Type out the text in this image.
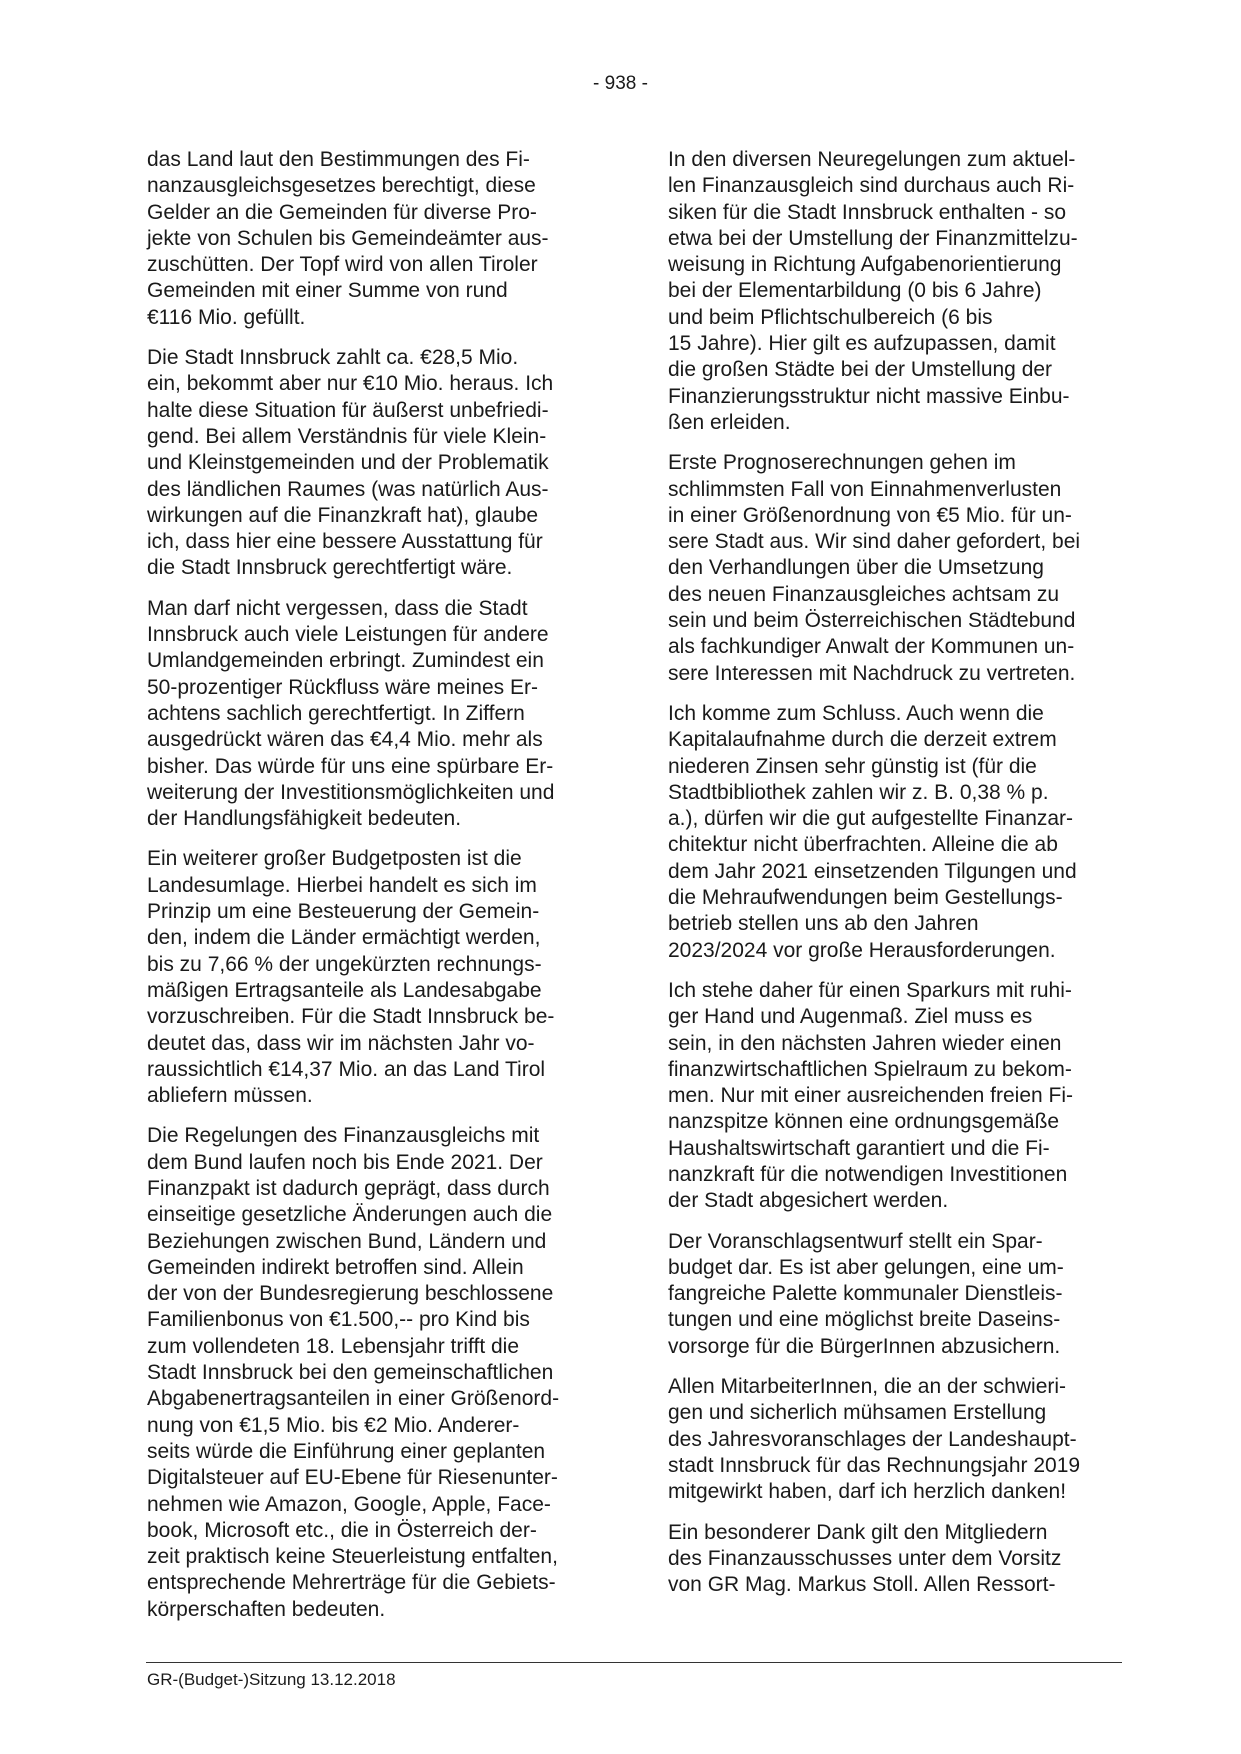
- 938 -
das Land laut den Bestimmungen des Fi-
nanzausgleichsgesetzes berechtigt, diese
Gelder an die Gemeinden für diverse Pro-
jekte von Schulen bis Gemeindeämter aus-
zuschütten. Der Topf wird von allen Tiroler
Gemeinden mit einer Summe von rund
€116 Mio. gefüllt.
Die Stadt Innsbruck zahlt ca. €28,5 Mio.
ein, bekommt aber nur €10 Mio. heraus. Ich
halte diese Situation für äußerst unbefriedi-
gend. Bei allem Verständnis für viele Klein-
und Kleinstgemeinden und der Problematik
des ländlichen Raumes (was natürlich Aus-
wirkungen auf die Finanzkraft hat), glaube
ich, dass hier eine bessere Ausstattung für
die Stadt Innsbruck gerechtfertigt wäre.
Man darf nicht vergessen, dass die Stadt
Innsbruck auch viele Leistungen für andere
Umlandgemeinden erbringt. Zumindest ein
50-prozentiger Rückfluss wäre meines Er-
achtens sachlich gerechtfertigt. In Ziffern
ausgedrückt wären das €4,4 Mio. mehr als
bisher. Das würde für uns eine spürbare Er-
weiterung der Investitionsmöglichkeiten und
der Handlungsfähigkeit bedeuten.
Ein weiterer großer Budgetposten ist die
Landesumlage. Hierbei handelt es sich im
Prinzip um eine Besteuerung der Gemein-
den, indem die Länder ermächtigt werden,
bis zu 7,66 % der ungekürzten rechnungs-
mäßigen Ertragsanteile als Landesabgabe
vorzuschreiben. Für die Stadt Innsbruck be-
deutet das, dass wir im nächsten Jahr vo-
raussichtlich €14,37 Mio. an das Land Tirol
abliefern müssen.
Die Regelungen des Finanzausgleichs mit
dem Bund laufen noch bis Ende 2021. Der
Finanzpakt ist dadurch geprägt, dass durch
einseitige gesetzliche Änderungen auch die
Beziehungen zwischen Bund, Ländern und
Gemeinden indirekt betroffen sind. Allein
der von der Bundesregierung beschlossene
Familienbonus von €1.500,-- pro Kind bis
zum vollendeten 18. Lebensjahr trifft die
Stadt Innsbruck bei den gemeinschaftlichen
Abgabenertragsanteilen in einer Größenord-
nung von €1,5 Mio. bis €2 Mio. Anderer-
seits würde die Einführung einer geplanten
Digitalsteuer auf EU-Ebene für Riesenunter-
nehmen wie Amazon, Google, Apple, Face-
book, Microsoft etc., die in Österreich der-
zeit praktisch keine Steuerleistung entfalten,
entsprechende Mehrerträge für die Gebiets-
körperschaften bedeuten.
In den diversen Neuregelungen zum aktuel-
len Finanzausgleich sind durchaus auch Ri-
siken für die Stadt Innsbruck enthalten - so
etwa bei der Umstellung der Finanzmittelzu-
weisung in Richtung Aufgabenorientierung
bei der Elementarbildung (0 bis 6 Jahre)
und beim Pflichtschulbereich (6 bis
15 Jahre). Hier gilt es aufzupassen, damit
die großen Städte bei der Umstellung der
Finanzierungsstruktur nicht massive Einbu-
ßen erleiden.
Erste Prognoserechnungen gehen im
schlimmsten Fall von Einnahmenverlusten
in einer Größenordnung von €5 Mio. für un-
sere Stadt aus. Wir sind daher gefordert, bei
den Verhandlungen über die Umsetzung
des neuen Finanzausgleiches achtsam zu
sein und beim Österreichischen Städtebund
als fachkundiger Anwalt der Kommunen un-
sere Interessen mit Nachdruck zu vertreten.
Ich komme zum Schluss. Auch wenn die
Kapitalaufnahme durch die derzeit extrem
niederen Zinsen sehr günstig ist (für die
Stadtbibliothek zahlen wir z. B. 0,38 % p.
a.), dürfen wir die gut aufgestellte Finanzar-
chitektur nicht überfrachten. Alleine die ab
dem Jahr 2021 einsetzenden Tilgungen und
die Mehraufwendungen beim Gestellungs-
betrieb stellen uns ab den Jahren
2023/2024 vor große Herausforderungen.
Ich stehe daher für einen Sparkurs mit ruhi-
ger Hand und Augenmaß. Ziel muss es
sein, in den nächsten Jahren wieder einen
finanzwirtschaftlichen Spielraum zu bekom-
men. Nur mit einer ausreichenden freien Fi-
nanzspitze können eine ordnungsgemäße
Haushaltswirtschaft garantiert und die Fi-
nanzkraft für die notwendigen Investitionen
der Stadt abgesichert werden.
Der Voranschlagsentwurf stellt ein Spar-
budget dar. Es ist aber gelungen, eine um-
fangreiche Palette kommunaler Dienstleis-
tungen und eine möglichst breite Daseins-
vorsorge für die BürgerInnen abzusichern.
Allen MitarbeiterInnen, die an der schwieri-
gen und sicherlich mühsamen Erstellung
des Jahresvoranschlages der Landeshaupt-
stadt Innsbruck für das Rechnungsjahr 2019
mitgewirkt haben, darf ich herzlich danken!
Ein besonderer Dank gilt den Mitgliedern
des Finanzausschusses unter dem Vorsitz
von GR Mag. Markus Stoll. Allen Ressort-
GR-(Budget-)Sitzung 13.12.2018
